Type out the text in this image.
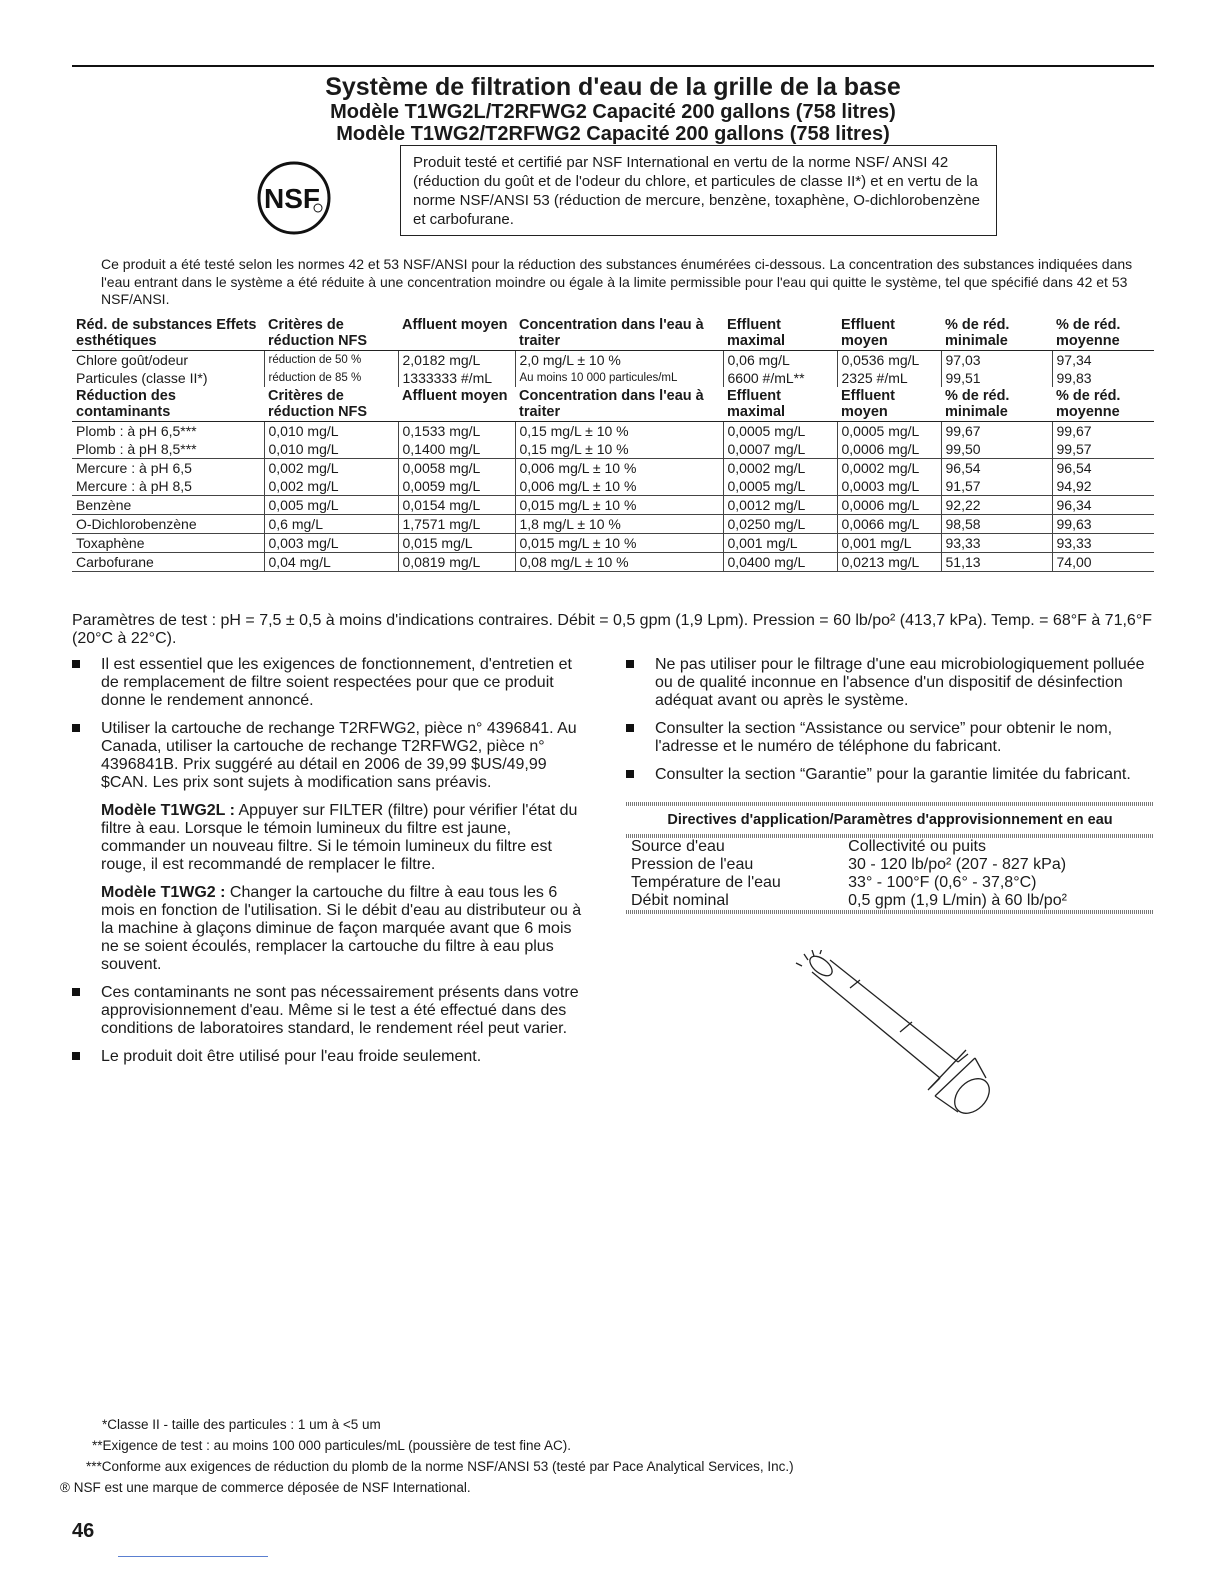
Système de filtration d'eau de la grille de la base
Modèle T1WG2L/T2RFWG2 Capacité 200 gallons (758 litres)
Modèle T1WG2/T2RFWG2 Capacité 200 gallons (758 litres)
NSF
Produit testé et certifié par NSF International en vertu de la norme NSF/ ANSI 42 (réduction du goût et de l'odeur du chlore, et particules de classe II*) et en vertu de la norme NSF/ANSI 53 (réduction de mercure, benzène, toxaphène, O-dichlorobenzène et carbofurane.
Ce produit a été testé selon les normes 42 et 53 NSF/ANSI pour la réduction des substances énumérées ci-dessous. La concentration des substances indiquées dans l'eau entrant dans le système a été réduite à une concentration moindre ou égale à la limite permissible pour l'eau qui quitte le système, tel que spécifié dans 42 et 53 NSF/ANSI.
Réd. de substances Effets esthétiques	Critères de réduction NFS	Affluent moyen	Concentration dans l'eau à traiter	Effluent maximal	Effluent moyen	% de réd. minimale	% de réd. moyenne
Chlore goût/odeur	réduction de 50 %	2,0182 mg/L	2,0 mg/L ± 10 %	0,06 mg/L	0,0536 mg/L	97,03	97,34
Particules (classe II*)	réduction de 85 %	1333333 #/mL	Au moins 10 000 particules/mL	6600 #/mL**	2325 #/mL	99,51	99,83
Réduction des contaminants	Critères de réduction NFS	Affluent moyen	Concentration dans l'eau à traiter	Effluent maximal	Effluent moyen	% de réd. minimale	% de réd. moyenne
Plomb : à pH 6,5***	0,010 mg/L	0,1533 mg/L	0,15 mg/L ± 10 %	0,0005 mg/L	0,0005 mg/L	99,67	99,67
Plomb : à pH 8,5***	0,010 mg/L	0,1400 mg/L	0,15 mg/L ± 10 %	0,0007 mg/L	0,0006 mg/L	99,50	99,57
Mercure : à pH 6,5	0,002 mg/L	0,0058 mg/L	0,006 mg/L ± 10 %	0,0002 mg/L	0,0002 mg/L	96,54	96,54
Mercure : à pH 8,5	0,002 mg/L	0,0059 mg/L	0,006 mg/L ± 10 %	0,0005 mg/L	0,0003 mg/L	91,57	94,92
Benzène	0,005 mg/L	0,0154 mg/L	0,015 mg/L ± 10 %	0,0012 mg/L	0,0006 mg/L	92,22	96,34
O-Dichlorobenzène	0,6 mg/L	1,7571 mg/L	1,8 mg/L ± 10 %	0,0250 mg/L	0,0066 mg/L	98,58	99,63
Toxaphène	0,003 mg/L	0,015 mg/L	0,015 mg/L ± 10 %	0,001 mg/L	0,001 mg/L	93,33	93,33
Carbofurane	0,04 mg/L	0,0819 mg/L	0,08 mg/L ± 10 %	0,0400 mg/L	0,0213 mg/L	51,13	74,00
Paramètres de test : pH = 7,5 ± 0,5 à moins d'indications contraires. Débit = 0,5 gpm (1,9 Lpm). Pression = 60 lb/po² (413,7 kPa). Temp. = 68°F à 71,6°F (20°C à 22°C).
Il est essentiel que les exigences de fonctionnement, d'entretien et de remplacement de filtre soient respectées pour que ce produit donne le rendement annoncé.
Utiliser la cartouche de rechange T2RFWG2, pièce n° 4396841. Au Canada, utiliser la cartouche de rechange T2RFWG2, pièce n° 4396841B. Prix suggéré au détail en 2006 de 39,99 $US/49,99 $CAN. Les prix sont sujets à modification sans préavis.
Modèle T1WG2L : Appuyer sur FILTER (filtre) pour vérifier l'état du filtre à eau. Lorsque le témoin lumineux du filtre est jaune, commander un nouveau filtre. Si le témoin lumineux du filtre est rouge, il est recommandé de remplacer le filtre.
Modèle T1WG2 : Changer la cartouche du filtre à eau tous les 6 mois en fonction de l'utilisation. Si le débit d'eau au distributeur ou à la machine à glaçons diminue de façon marquée avant que 6 mois ne se soient écoulés, remplacer la cartouche du filtre à eau plus souvent.
Ces contaminants ne sont pas nécessairement présents dans votre approvisionnement d'eau. Même si le test a été effectué dans des conditions de laboratoires standard, le rendement réel peut varier.
Le produit doit être utilisé pour l'eau froide seulement.
Ne pas utiliser pour le filtrage d'une eau microbiologiquement polluée ou de qualité inconnue en l'absence d'un dispositif de désinfection adéquat avant ou après le système.
Consulter la section “Assistance ou service” pour obtenir le nom, l'adresse et le numéro de téléphone du fabricant.
Consulter la section “Garantie” pour la garantie limitée du fabricant.
Directives d'application/Paramètres d'approvisionnement en eau
Source d'eau	Collectivité ou puits
Pression de l'eau	30 - 120 lb/po² (207 - 827 kPa)
Température de l'eau	33° - 100°F (0,6° - 37,8°C)
Débit nominal	0,5 gpm (1,9 L/min) à 60 lb/po²
*Classe II - taille des particules : 1 um à <5 um
**Exigence de test : au moins 100 000 particules/mL (poussière de test fine AC).
***Conforme aux exigences de réduction du plomb de la norme NSF/ANSI 53 (testé par Pace Analytical Services, Inc.)
® NSF est une marque de commerce déposée de NSF International.
46
